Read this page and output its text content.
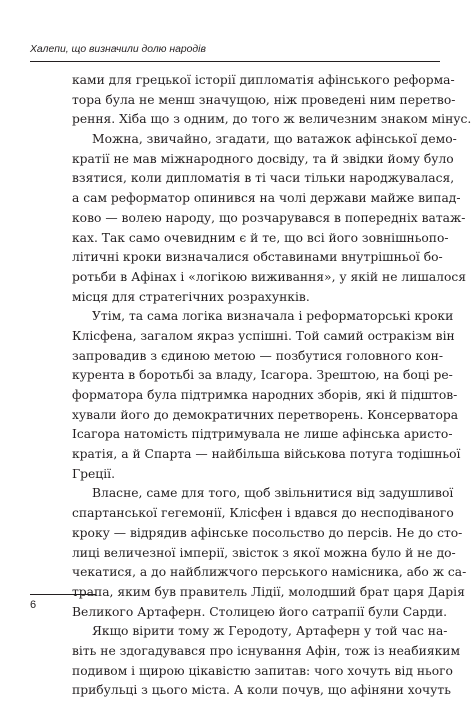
Халепи, що визначили долю народів
ками для грецької історії дипломатія афінського реформа-
тора була не менш значущою, ніж проведені ним перетво-
рення. Хіба що з одним, до того ж величезним знаком мінус.
Можна, звичайно, згадати, що ватажок афінської демо-
кратії не мав міжнародного досвіду, та й звідки йому було
взятися, коли дипломатія в ті часи тільки народжувалася,
а сам реформатор опинився на чолі держави майже випад-
ково — волею народу, що розчарувався в попередніх ватаж-
ках. Так само очевидним є й те, що всі його зовнішньопо-
літичні кроки визначалися обставинами внутрішньої бо-
ротьби в Афінах і «логікою виживання», у якій не лишалося
місця для стратегічних розрахунків.
Утім, та сама логіка визначала і реформаторські кроки
Клісфена, загалом якраз успішні. Той самий остракізм він
запровадив з єдиною метою — позбутися головного кон-
курента в боротьбі за владу, Ісагора. Зрештою, на боці ре-
форматора була підтримка народних зборів, які й підштов-
хували його до демократичних перетворень. Консерватора
Ісагора натомість підтримувала не лише афінська аристо-
кратія, а й Спарта — найбільша військова потуга тодішньої
Греції.
Власне, саме для того, щоб звільнитися від задушливої
спартанської гегемонії, Клісфен і вдався до несподіваного
кроку — відрядив афінське посольство до персів. Не до сто-
лиці величезної імперії, звісток з якої можна було й не до-
чекатися, а до найближчого перського намісника, або ж са-
трапа, яким був правитель Лідії, молодший брат царя Дарія
Великого Артаферн. Столицею його сатрапії були Сарди.
Якщо вірити тому ж Геродоту, Артаферн у той час на-
віть не здогадувався про існування Афін, тож із неабияким
подивом і щирою цікавістю запитав: чого хочуть від нього
прибульці з цього міста. А коли почув, що афіняни хочуть
6
